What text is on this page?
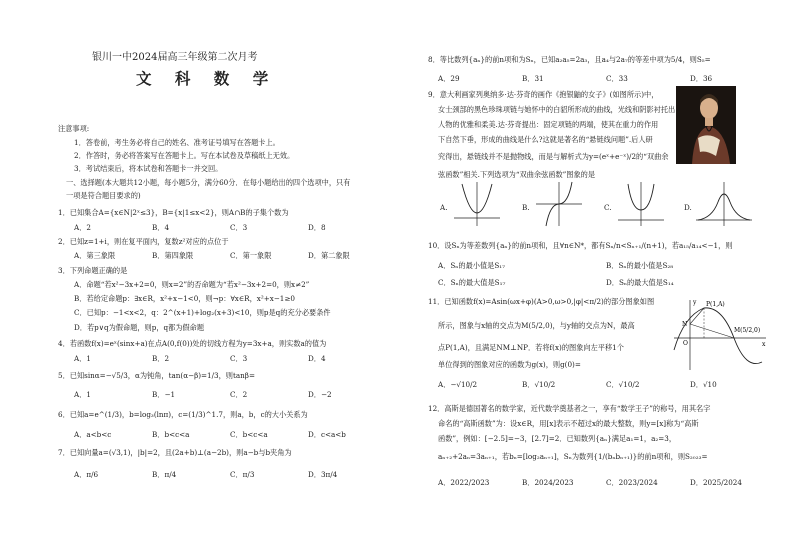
银川一中2024届高三年级第二次月考
文 科 数 学
注意事项:
1．答卷前，考生务必将自己的姓名、准考证号填写在答题卡上。
2．作答时，务必将答案写在答题卡上。写在本试卷及草稿纸上无效。
3．考试结束后，将本试卷和答题卡一并交回。
一、选择题(本大题共12小题，每小题5分，满分60分．在每小题给出的四个选项中，只有
一项是符合题目要求的)
1．已知集合A={x∈N|2ˣ≤3}，B={x|1≤x<2}，则A∩B的子集个数为
A．2	B．4	C．3	D．8
2．已知z=1+i，则在复平面内，复数z²对应的点位于
A．第三象限	B．第四象限	C．第一象限	D．第二象限
3．下列命题正确的是
A．命题“若x²−3x+2=0，则x=2”的否命题为“若x²−3x+2=0，则x≠2”
B．若给定命题p：∃x∈R，x²+x−1<0，则¬p：∀x∈R，x²+x−1≥0
C．已知p：−1<x<2，q：2^(x+1)+log₂(x+3)<10，则p是q的充分必要条件
D．若p∨q为假命题，则p，q都为假命题
4．若函数f(x)=eˣ(sinx+a)在点A(0,f(0))处的切线方程为y=3x+a，则实数a的值为
A．1	B．2	C．3	D．4
5．已知sinα=−√5/3，α为钝角，tan(α−β)=1/3，则tanβ=
A．1	B．−1	C．2	D．−2
6．已知a=e^(1/3)，b=log₃(lnπ)，c=(1/3)^1.7，则a，b，c的大小关系为
A．a<b<c	B．b<c<a	C．b<c<a	D．c<a<b
7．已知向量a=(√3,1)，|b|=2，且(2a+b)⊥(a−2b)，则a−b与b夹角为
A．π/6	B．π/4	C．π/3	D．3π/4
8．等比数列{aₙ}的前n项和为Sₙ，已知a₂a₅=2a₃，且a₄与2a₇的等差中项为5/4，则S₅=
A．29	B．31	C．33	D．36
9．意大利画家列奥纳多·达·芬奇的画作《抱银鼬的女子》(如图所示)中，
女士颈部的黑色珍珠项链与她怀中的白貂所形成的曲线，光线和阴影衬托出
人物的优雅和柔美.达·芬奇提出：固定项链的两端，使其在重力的作用
下自然下垂，形成的曲线是什么?这就是著名的“悬链线问题”.后人研
究得出，悬链线并不是抛物线，而是与解析式为y=(eˣ+e⁻ˣ)/2的“双曲余
弦函数”相关.下列选项为“双曲余弦函数”图象的是
A.	B.	C.	D.
10．设Sₙ为等差数列{aₙ}的前n项和，且∀n∈N*，都有Sₙ/n<Sₙ₊₁/(n+1)，若a₁₅/a₁₄<−1，则
A．Sₙ的最小值是S₁₇	B．Sₙ的最小值是S₂₈
C．Sₙ的最大值是S₁₇	D．Sₙ的最大值是S₁₄
11．已知函数f(x)=Asin(ωx+φ)(A>0,ω>0,|φ|<π/2)的部分图象如图
所示，图象与x轴的交点为M(5/2,0)，与y轴的交点为N，最高
点P(1,A)，且满足NM⊥NP．若将f(x)的图象向左平移1个
单位得到的图象对应的函数为g(x)，则g(0)=
A．−√10/2	B．√10/2	C．√10/2	D．√10
P(1,A)
M(5/2,0)
N
O	x
y
12．高斯是德国著名的数学家，近代数学奠基者之一，享有“数学王子”的称号，用其名字
命名的“高斯函数”为：设x∈R，用[x]表示不超过x的最大整数，则y=[x]称为“高斯
函数”，例如：[−2.5]=−3，[2.7]=2．已知数列{aₙ}满足a₁=1，a₂=3，
aₙ₊₂+2aₙ=3aₙ₊₁，若bₙ=[log₂aₙ₊₁]，Sₙ为数列{1/(bₙbₙ₊₁)}的前n项和，则S₂₀₂₃=
A．2022/2023	B．2024/2023	C．2023/2024	D．2025/2024
